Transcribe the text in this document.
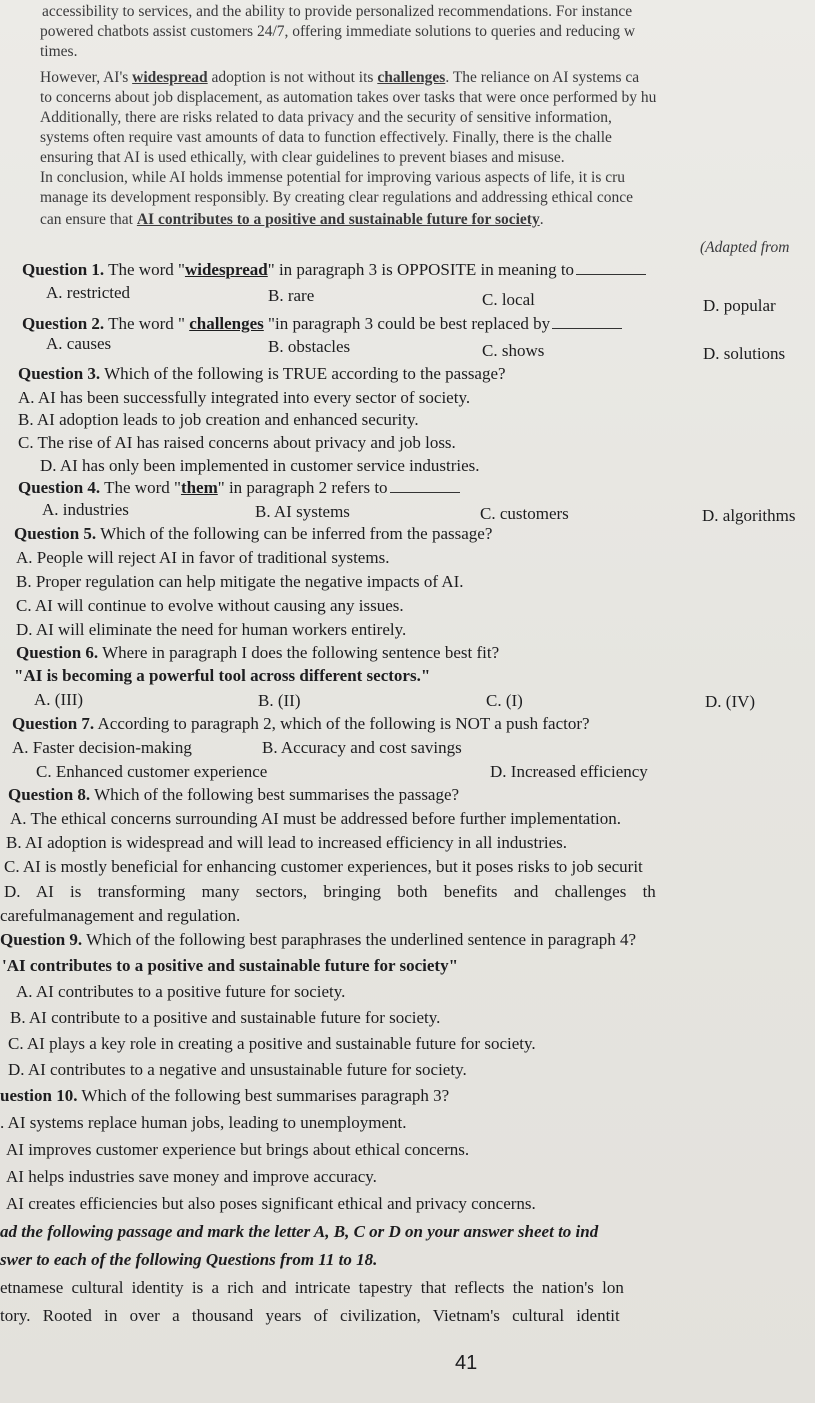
accessibility to services, and the ability to provide personalized recommendations. For instance
powered chatbots assist customers 24/7, offering immediate solutions to queries and reducing w
times.
However, AI's widespread adoption is not without its challenges. The reliance on AI systems ca
to concerns about job displacement, as automation takes over tasks that were once performed by hu
Additionally, there are risks related to data privacy and the security of sensitive information,
systems often require vast amounts of data to function effectively. Finally, there is the challe
ensuring that AI is used ethically, with clear guidelines to prevent biases and misuse.
In conclusion, while AI holds immense potential for improving various aspects of life, it is cru
manage its development responsibly. By creating clear regulations and addressing ethical conce
can ensure that AI contributes to a positive and sustainable future for society.
(Adapted from
Question 1. The word "widespread" in paragraph 3 is OPPOSITE in meaning to
A. restricted	B. rare	C. local	D. popular
Question 2. The word " challenges "in paragraph 3 could be best replaced by
A. causes	B. obstacles	C. shows	D. solutions
Question 3. Which of the following is TRUE according to the passage?
A. AI has been successfully integrated into every sector of society.
B. AI adoption leads to job creation and enhanced security.
C. The rise of AI has raised concerns about privacy and job loss.
D. AI has only been implemented in customer service industries.
Question 4. The word "them" in paragraph 2 refers to
A. industries	B. AI systems	C. customers	D. algorithms
Question 5. Which of the following can be inferred from the passage?
A. People will reject AI in favor of traditional systems.
B. Proper regulation can help mitigate the negative impacts of AI.
C. AI will continue to evolve without causing any issues.
D. AI will eliminate the need for human workers entirely.
Question 6. Where in paragraph I does the following sentence best fit?
"AI is becoming a powerful tool across different sectors."
A. (III)	B. (II)	C. (I)	D. (IV)
Question 7. According to paragraph 2, which of the following is NOT a push factor?
A. Faster decision-making	B. Accuracy and cost savings
C. Enhanced customer experience	D. Increased efficiency
Question 8. Which of the following best summarises the passage?
A. The ethical concerns surrounding AI must be addressed before further implementation.
B. AI adoption is widespread and will lead to increased efficiency in all industries.
C. AI is mostly beneficial for enhancing customer experiences, but it poses risks to job securit
D. AI is transforming many sectors, bringing both benefits and challenges th
carefulmanagement and regulation.
Question 9. Which of the following best paraphrases the underlined sentence in paragraph 4?
'AI contributes to a positive and sustainable future for society"
A. AI contributes to a positive future for society.
B. AI contribute to a positive and sustainable future for society.
C. AI plays a key role in creating a positive and sustainable future for society.
D. AI contributes to a negative and unsustainable future for society.
uestion 10. Which of the following best summarises paragraph 3?
. AI systems replace human jobs, leading to unemployment.
AI improves customer experience but brings about ethical concerns.
AI helps industries save money and improve accuracy.
AI creates efficiencies but also poses significant ethical and privacy concerns.
ad the following passage and mark the letter A, B, C or D on your answer sheet to ind
swer to each of the following Questions from 11 to 18.
etnamese cultural identity is a rich and intricate tapestry that reflects the nation's lon
tory. Rooted in over a thousand years of civilization, Vietnam's cultural identit
41
